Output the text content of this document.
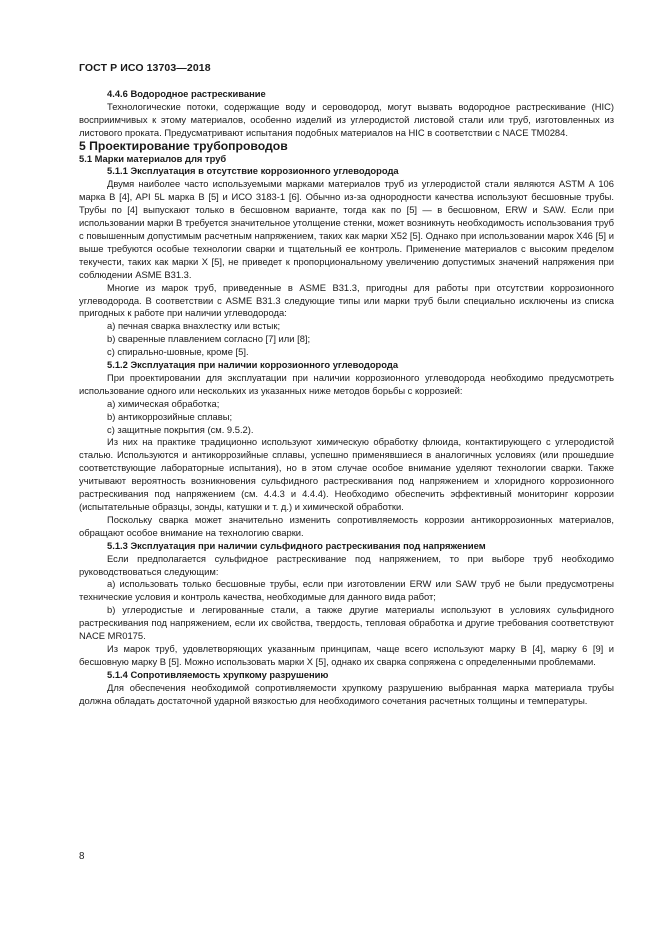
ГОСТ Р ИСО 13703—2018

4.4.6 Водородное растрескивание

Технологические потоки, содержащие воду и сероводород, могут вызвать водородное растрескивание (HIC) восприимчивых к этому материалов, особенно изделий из углеродистой листовой стали или труб, изготовленных из листового проката. Предусматривают испытания подобных материалов на HIC в соответствии с NACE TM0284.

5 Проектирование трубопроводов

5.1 Марки материалов для труб

5.1.1 Эксплуатация в отсутствие коррозионного углеводорода

Двумя наиболее часто используемыми марками материалов труб из углеродистой стали являются ASTM A 106 марка B [4], API 5L марка B [5] и ИСО 3183-1 [6]. Обычно из-за однородности качества используют бесшовные трубы. Трубы по [4] выпускают только в бесшовном варианте, тогда как по [5] — в бесшовном, ERW и SAW. Если при использовании марки B требуется значительное утолщение стенки, может возникнуть необходимость использования труб с повышенным допустимым расчетным напряжением, таких как марки X52 [5]. Однако при использовании марок X46 [5] и выше требуются особые технологии сварки и тщательный ее контроль. Применение материалов с высоким пределом текучести, таких как марки X [5], не приведет к пропорциональному увеличению допустимых значений напряжения при соблюдении ASME B31.3.

Многие из марок труб, приведенные в ASME B31.3, пригодны для работы при отсутствии коррозионного углеводорода. В соответствии с ASME B31.3 следующие типы или марки труб были специально исключены из списка пригодных к работе при наличии углеводорода:

a) печная сварка внахлестку или встык;

b) сваренные плавлением согласно [7] или [8];

c) спирально-шовные, кроме [5].

5.1.2 Эксплуатация при наличии коррозионного углеводорода

При проектировании для эксплуатации при наличии коррозионного углеводорода необходимо предусмотреть использование одного или нескольких из указанных ниже методов борьбы с коррозией:

a) химическая обработка;

b) антикоррозийные сплавы;

c) защитные покрытия (см. 9.5.2).

Из них на практике традиционно используют химическую обработку флюида, контактирующего с углеродистой сталью. Используются и антикоррозийные сплавы, успешно применявшиеся в аналогичных условиях (или прошедшие соответствующие лабораторные испытания), но в этом случае особое внимание уделяют технологии сварки. Также учитывают вероятность возникновения сульфидного растрескивания под напряжением и хлоридного коррозионного растрескивания под напряжением (см. 4.4.3 и 4.4.4). Необходимо обеспечить эффективный мониторинг коррозии (испытательные образцы, зонды, катушки и т. д.) и химической обработки.

Поскольку сварка может значительно изменить сопротивляемость коррозии антикоррозионных материалов, обращают особое внимание на технологию сварки.

5.1.3 Эксплуатация при наличии сульфидного растрескивания под напряжением

Если предполагается сульфидное растрескивание под напряжением, то при выборе труб необходимо руководствоваться следующим:

a) использовать только бесшовные трубы, если при изготовлении ERW или SAW труб не были предусмотрены технические условия и контроль качества, необходимые для данного вида работ;

b) углеродистые и легированные стали, а также другие материалы используют в условиях сульфидного растрескивания под напряжением, если их свойства, твердость, тепловая обработка и другие требования соответствуют NACE MR0175.

Из марок труб, удовлетворяющих указанным принципам, чаще всего используют марку B [4], марку 6 [9] и бесшовную марку B [5]. Можно использовать марки X [5], однако их сварка сопряжена с определенными проблемами.

5.1.4 Сопротивляемость хрупкому разрушению

Для обеспечения необходимой сопротивляемости хрупкому разрушению выбранная марка материала трубы должна обладать достаточной ударной вязкостью для необходимого сочетания расчетных толщины и температуры.

8
